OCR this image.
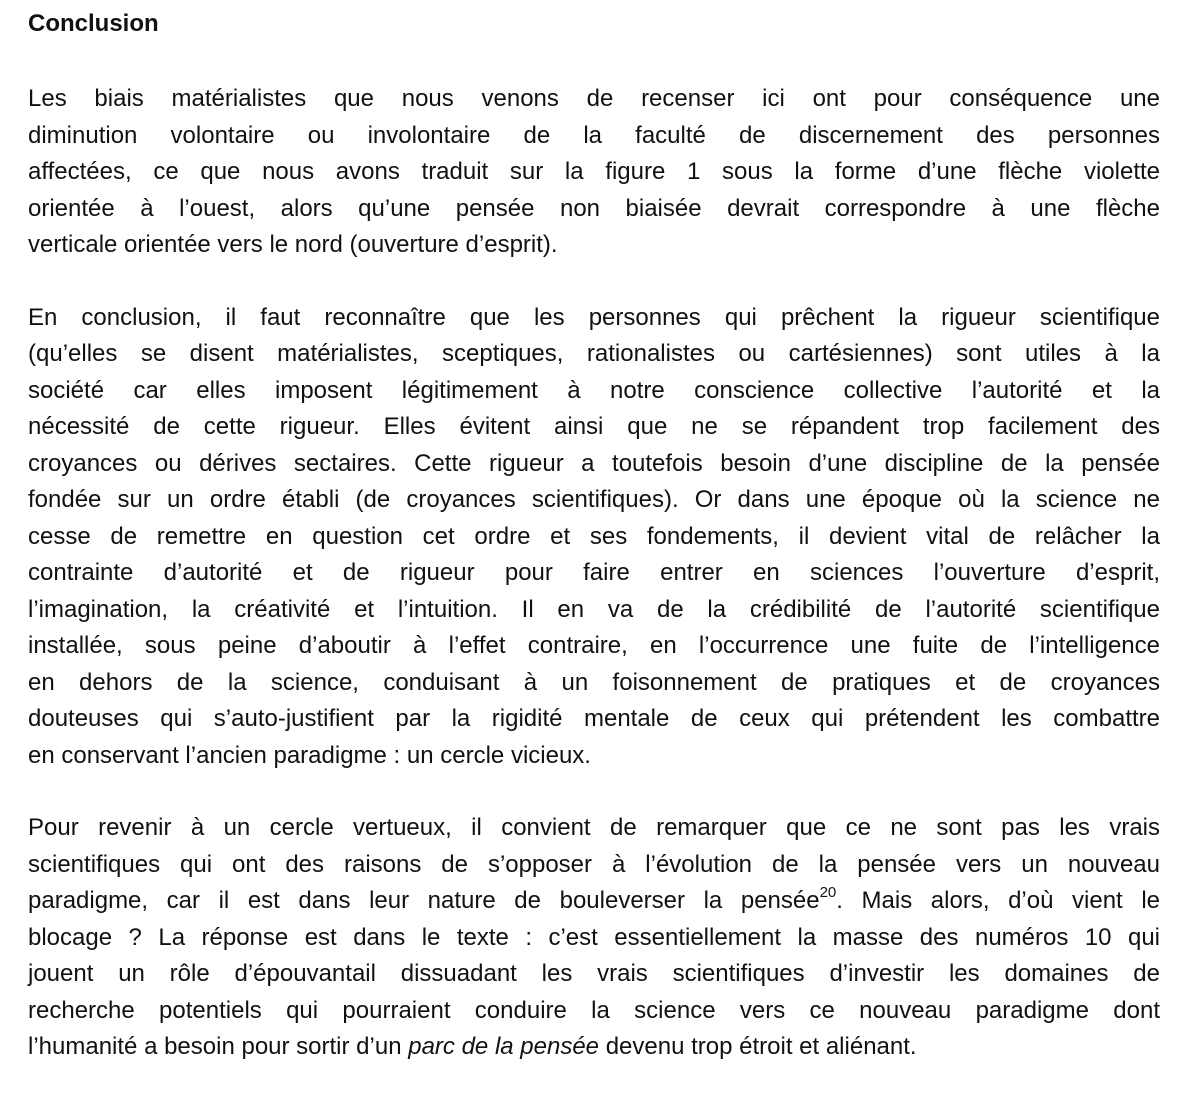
Conclusion
Les biais matérialistes que nous venons de recenser ici ont pour conséquence une
diminution volontaire ou involontaire de la faculté de discernement des personnes
affectées, ce que nous avons traduit sur la figure 1 sous la forme d’une flèche violette
orientée à l’ouest, alors qu’une pensée non biaisée devrait correspondre à une flèche
verticale orientée vers le nord (ouverture d’esprit).
En conclusion, il faut reconnaître que les personnes qui prêchent la rigueur scientifique
(qu’elles se disent matérialistes, sceptiques, rationalistes ou cartésiennes) sont utiles à la
société car elles imposent légitimement à notre conscience collective l’autorité et la
nécessité de cette rigueur. Elles évitent ainsi que ne se répandent trop facilement des
croyances ou dérives sectaires. Cette rigueur a toutefois besoin d’une discipline de la pensée
fondée sur un ordre établi (de croyances scientifiques). Or dans une époque où la science ne
cesse de remettre en question cet ordre et ses fondements, il devient vital de relâcher la
contrainte d’autorité et de rigueur pour faire entrer en sciences l’ouverture d’esprit,
l’imagination, la créativité et l’intuition. Il en va de la crédibilité de l’autorité scientifique
installée, sous peine d’aboutir à l’effet contraire, en l’occurrence une fuite de l’intelligence
en dehors de la science, conduisant à un foisonnement de pratiques et de croyances
douteuses qui s’auto-justifient par la rigidité mentale de ceux qui prétendent les combattre
en conservant l’ancien paradigme : un cercle vicieux.
Pour revenir à un cercle vertueux, il convient de remarquer que ce ne sont pas les vrais
scientifiques qui ont des raisons de s’opposer à l’évolution de la pensée vers un nouveau
paradigme, car il est dans leur nature de bouleverser la pensée$^{20}$. Mais alors, d’où vient le
blocage ? La réponse est dans le texte : c’est essentiellement la masse des numéros 10 qui
jouent un rôle d’épouvantail dissuadant les vrais scientifiques d’investir les domaines de
recherche potentiels qui pourraient conduire la science vers ce nouveau paradigme dont
l’humanité a besoin pour sortir d’un parc de la pensée devenu trop étroit et aliénant.
